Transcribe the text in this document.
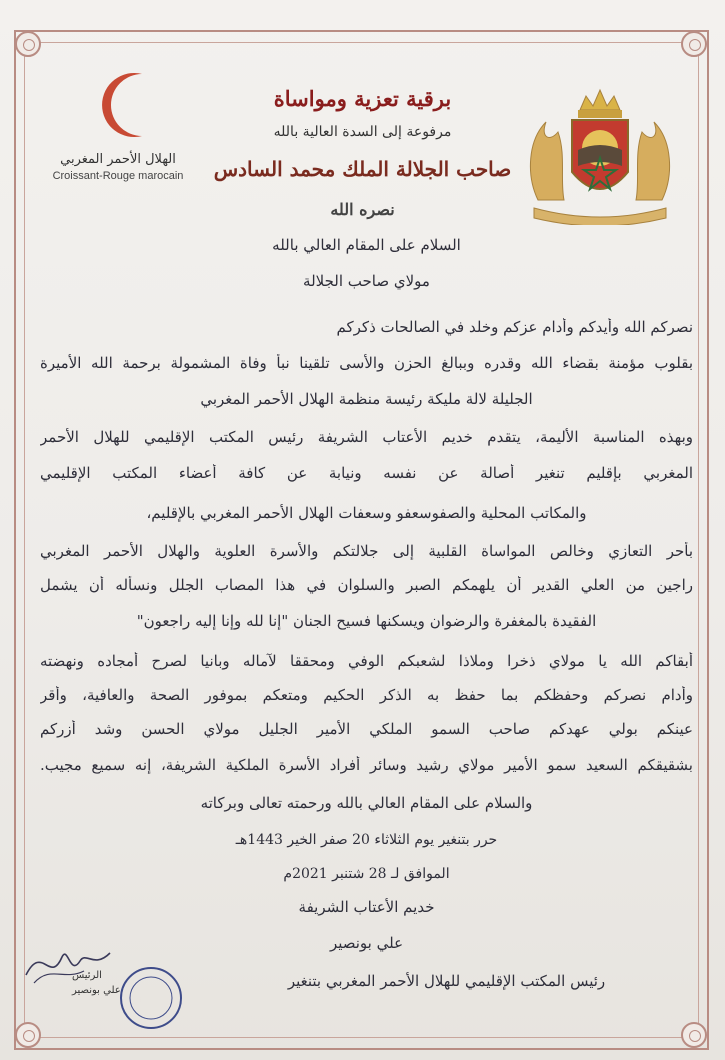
الهلال الأحمر المغربي
Croissant-Rouge marocain
برقية تعزية ومواساة
مرفوعة إلى السدة العالية بالله
صاحب الجلالة الملك محمد السادس
نصره الله
السلام على المقام العالي بالله
مولاي صاحب الجلالة
نصركم الله وأيدكم وأدام عزكم وخلد في الصالحات ذكركم
بقلوب مؤمنة بقضاء الله وقدره وببالغ الحزن والأسى تلقينا نبأ وفاة المشمولة برحمة الله الأميرة
الجليلة لالة مليكة رئيسة منظمة الهلال الأحمر المغربي
وبهذه المناسبة الأليمة، يتقدم خديم الأعتاب الشريفة رئيس المكتب الإقليمي للهلال الأحمر
المغربي بإقليم تنغير أصالة عن نفسه ونيابة عن كافة أعضاء المكتب الإقليمي
والمكاتب المحلية والصفوسعفو وسعفات الهلال الأحمر المغربي بالإقليم،
بأحر التعازي وخالص المواساة القلبية إلى جلالتكم والأسرة العلوية والهلال الأحمر المغربي
راجين من العلي القدير أن يلهمكم الصبر والسلوان في هذا المصاب الجلل ونسأله أن يشمل
الفقيدة بالمغفرة والرضوان ويسكنها فسيح الجنان "إنا لله وإنا إليه راجعون"
أبقاكم الله يا مولاي ذخرا وملاذا لشعبكم الوفي ومحققا لآماله وبانيا لصرح أمجاده ونهضته
وأدام نصركم وحفظكم بما حفظ به الذكر الحكيم ومتعكم بموفور الصحة والعافية، وأقر
عينكم بولي عهدكم صاحب السمو الملكي الأمير الجليل مولاي الحسن وشد أزركم
بشقيقكم السعيد سمو الأمير مولاي رشيد وسائر أفراد الأسرة الملكية الشريفة، إنه سميع مجيب.
والسلام على المقام العالي بالله ورحمته تعالى وبركاته
حرر بتنغير يوم الثلاثاء 20 صفر الخير 1443هـ
الموافق لـ 28 شتنبر 2021م
خديم الأعتاب الشريفة
علي بونصير
رئيس المكتب الإقليمي للهلال الأحمر المغربي بتنغير
الرئيس
علي بونصير
